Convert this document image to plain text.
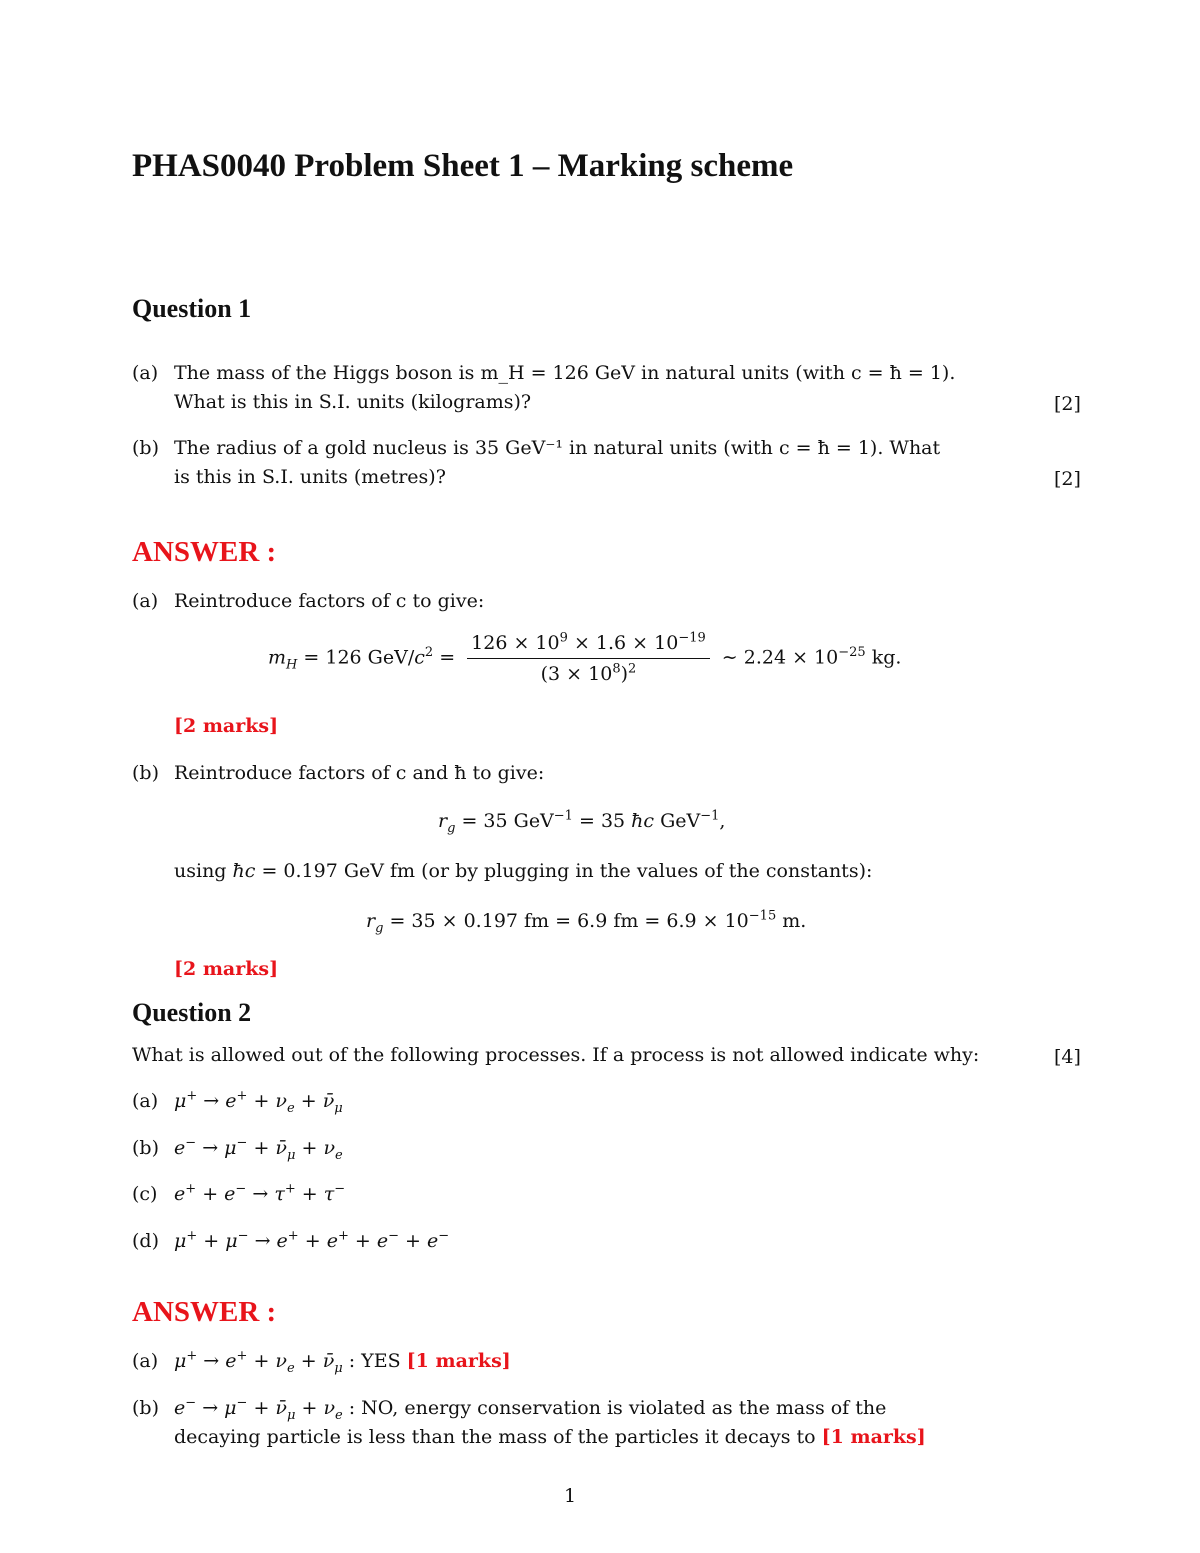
PHAS0040 Problem Sheet 1 – Marking scheme
Question 1
(a) The mass of the Higgs boson is m_H = 126 GeV in natural units (with c = ħ = 1).
What is this in S.I. units (kilograms)?	[2]
(b) The radius of a gold nucleus is 35 GeV⁻¹ in natural units (with c = ħ = 1). What
is this in S.I. units (metres)?	[2]
ANSWER :
(a) Reintroduce factors of c to give:
$m_H = 126$ GeV/$c^2 = \frac{126 \times 10^9 \times 1.6 \times 10^{-19}}{(3 \times 10^8)^2}$ ∼ $2.24 \times 10^{-25}$ kg.
[2 marks]
(b) Reintroduce factors of c and ħ to give:
$r_g = 35$ GeV$^{-1}$ = 35 ħc GeV$^{-1}$,
using ħc = 0.197 GeV fm (or by plugging in the values of the constants):
$r_g = 35 \times 0.197$ fm = 6.9 fm = $6.9 \times 10^{-15}$ m.
[2 marks]
Question 2
What is allowed out of the following processes. If a process is not allowed indicate why:	[4]
(a) $\mu^+ \to e^+ + \nu_e$ + $\nū_\mu$
(b) $e^- \to \mu^- + \nū_\mu + \nu_e$
(c) e+ + e− → τ+ + τ−
(d) μ+ + μ− → e+ + e+ + e− + e−
ANSWER :
(a) $\mu^+ \to e^+ + \nu_e$ + $\nū_\mu$ : YES [1 marks]
(b) $e^- \to \mu^- + \nū_\mu + \nu_e$ : NO, energy conservation is violated as the mass of the
decaying particle is less than the mass of the particles it decays to [1 marks]
1
